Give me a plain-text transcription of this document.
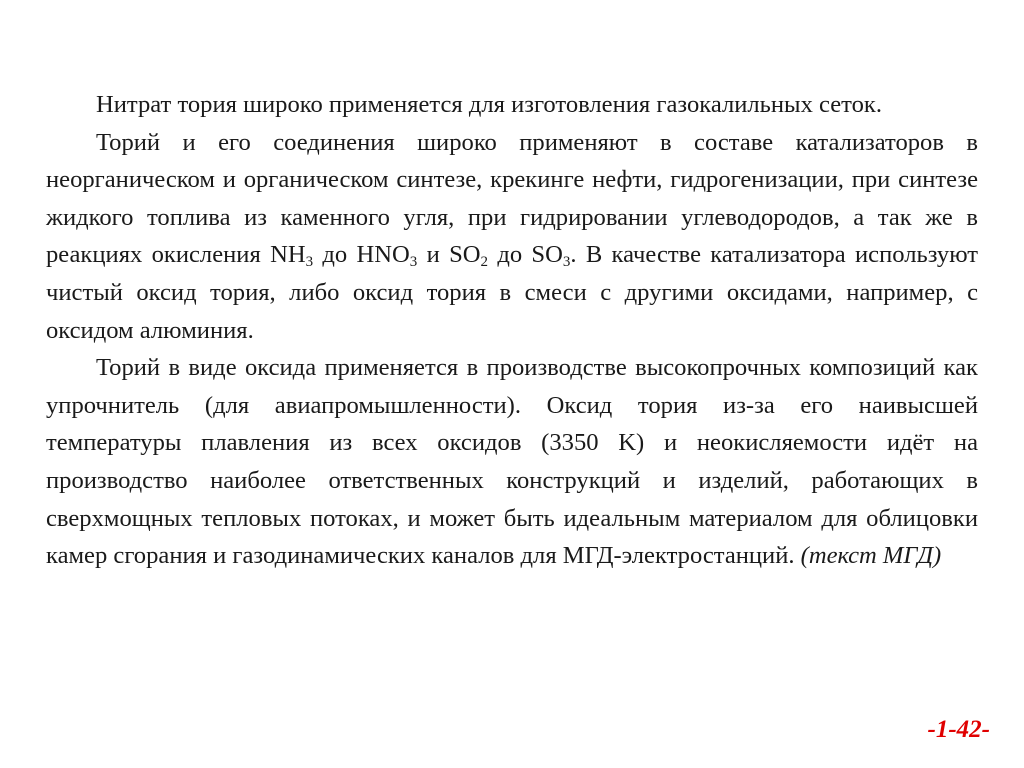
Нитрат тория широко применяется для изготовления газокалильных сеток.

Торий и его соединения широко применяют в составе катализаторов в неорганическом и органическом синтезе, крекинге нефти, гидрогенизации, при синтезе жидкого топлива из каменного угля, при гидрировании углеводородов, а так же в реакциях окисления $NH_3$ до $HNO_3$ и $SO_2$ до $SO_3$. В качестве катализатора используют чистый оксид тория, либо оксид тория в смеси с другими оксидами, например, с оксидом алюминия.

Торий в виде оксида применяется в производстве высокопрочных композиций как упрочнитель (для авиапромышленности). Оксид тория из-за его наивысшей температуры плавления из всех оксидов (3350 K) и неокисляемости идёт на производство наиболее ответственных конструкций и изделий, работающих в сверхмощных тепловых потоках, и может быть идеальным материалом для облицовки камер сгорания и газодинамических каналов для МГД-электростанций. (текст МГД)

-1-42-
